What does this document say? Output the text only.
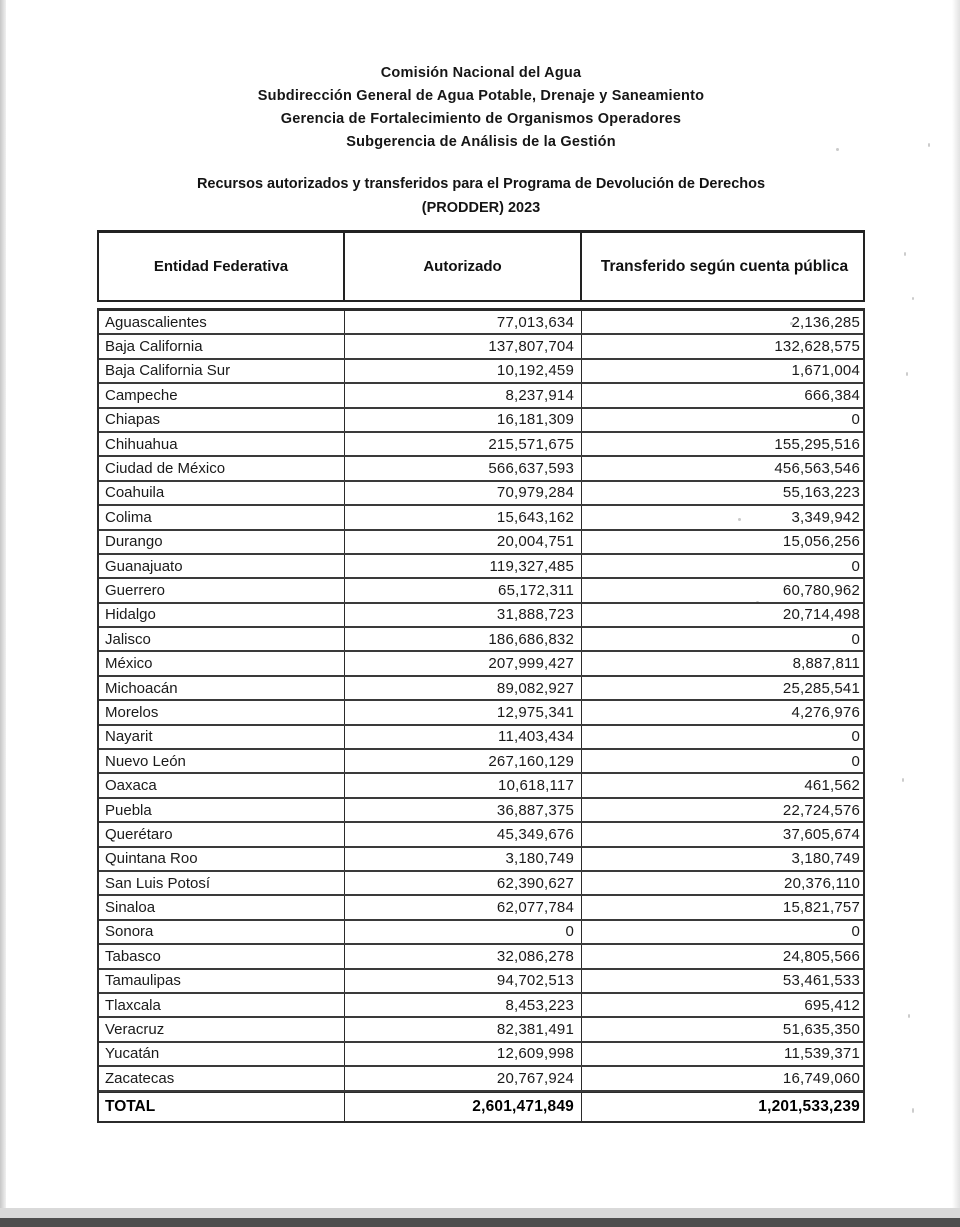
Comisión Nacional del Agua
Subdirección General de Agua Potable, Drenaje y Saneamiento
Gerencia de Fortalecimiento de Organismos Operadores
Subgerencia de Análisis de la Gestión
Recursos autorizados y transferidos para el Programa de Devolución de Derechos
(PRODDER) 2023
Entidad Federativa	Autorizado	Transferido según cuenta pública
Aguascalientes	77,013,634	2,136,285
Baja California	137,807,704	132,628,575
Baja California Sur	10,192,459	1,671,004
Campeche	8,237,914	666,384
Chiapas	16,181,309	0
Chihuahua	215,571,675	155,295,516
Ciudad de México	566,637,593	456,563,546
Coahuila	70,979,284	55,163,223
Colima	15,643,162	3,349,942
Durango	20,004,751	15,056,256
Guanajuato	119,327,485	0
Guerrero	65,172,311	60,780,962
Hidalgo	31,888,723	20,714,498
Jalisco	186,686,832	0
México	207,999,427	8,887,811
Michoacán	89,082,927	25,285,541
Morelos	12,975,341	4,276,976
Nayarit	11,403,434	0
Nuevo León	267,160,129	0
Oaxaca	10,618,117	461,562
Puebla	36,887,375	22,724,576
Querétaro	45,349,676	37,605,674
Quintana Roo	3,180,749	3,180,749
San Luis Potosí	62,390,627	20,376,110
Sinaloa	62,077,784	15,821,757
Sonora	0	0
Tabasco	32,086,278	24,805,566
Tamaulipas	94,702,513	53,461,533
Tlaxcala	8,453,223	695,412
Veracruz	82,381,491	51,635,350
Yucatán	12,609,998	11,539,371
Zacatecas	20,767,924	16,749,060
TOTAL	2,601,471,849	1,201,533,239
